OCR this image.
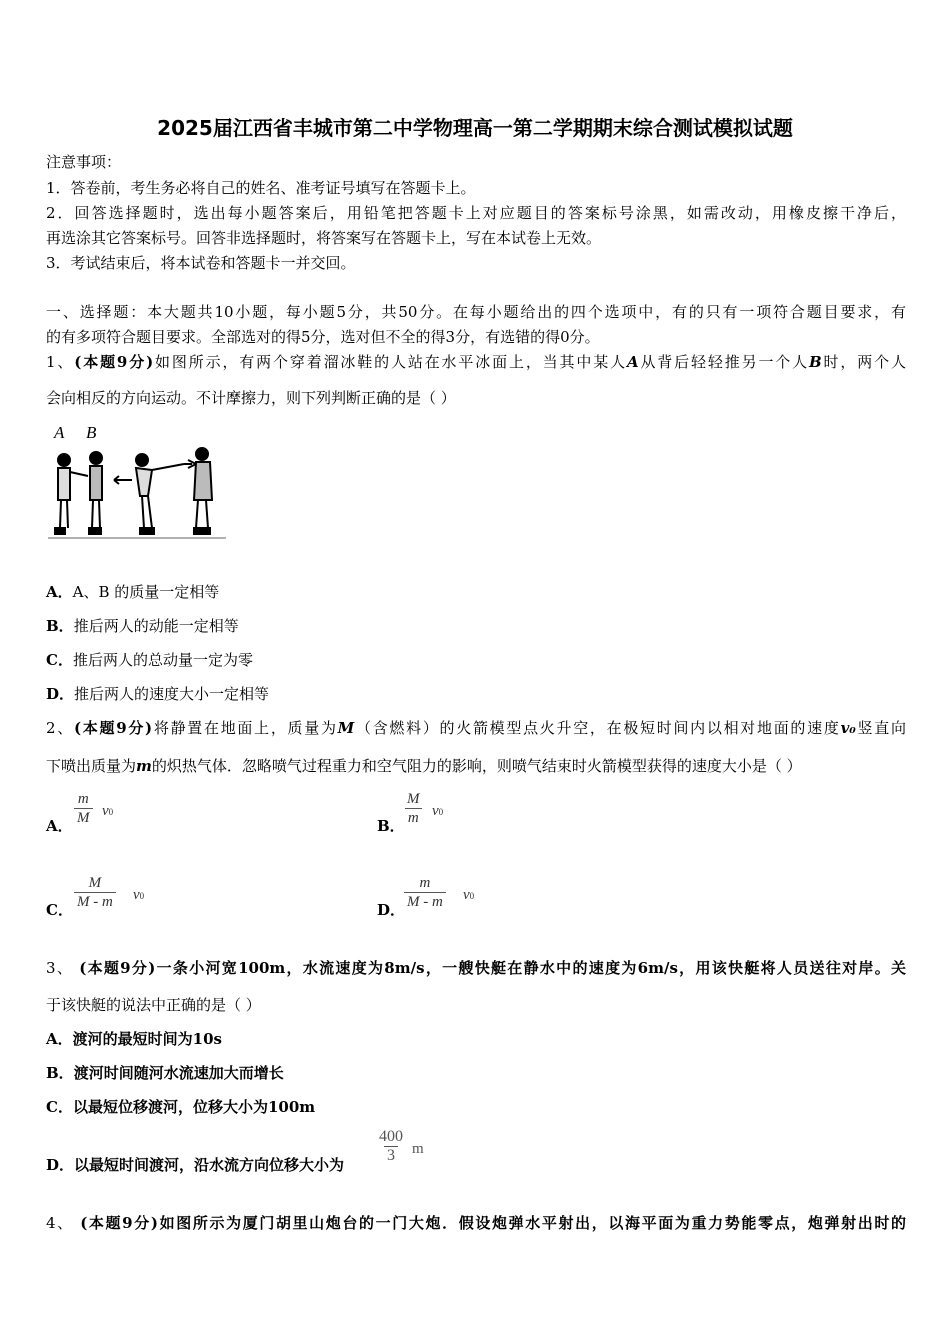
2025届江西省丰城市第二中学物理高一第二学期期末综合测试模拟试题
注意事项：
1．答卷前，考生务必将自己的姓名、准考证号填写在答题卡上。
2．回答选择题时，选出每小题答案后，用铅笔把答题卡上对应题目的答案标号涂黑，如需改动，用橡皮擦干净后，
再选涂其它答案标号。回答非选择题时，将答案写在答题卡上，写在本试卷上无效。
3．考试结束后，将本试卷和答题卡一并交回。
一、选择题：本大题共10小题，每小题5分，共50分。在每小题给出的四个选项中，有的只有一项符合题目要求，有
的有多项符合题目要求。全部选对的得5分，选对但不全的得3分，有选错的得0分。
1、(本题9分)如图所示，有两个穿着溜冰鞋的人站在水平冰面上，当其中某人A从背后轻轻推另一个人B时，两个人
会向相反的方向运动。不计摩擦力，则下列判断正确的是（ ）
A B
A．A、B 的质量一定相等
B．推后两人的动能一定相等
C．推后两人的总动量一定为零
D．推后两人的速度大小一定相等
2、(本题9分)将静置在地面上，质量为M（含燃料）的火箭模型点火升空，在极短时间内以相对地面的速度v₀竖直向
下喷出质量为m的炽热气体．忽略喷气过程重力和空气阻力的影响，则喷气结束时火箭模型获得的速度大小是（ ）
A． $\frac{m}{M} v0$
B． $\frac{M}{m} v0$
C． $\frac{M}{M - m} v0$
D．
$\frac{m}{M - m} v0$
3、 (本题9分)一条小河宽100m，水流速度为8m/s，一艘快艇在静水中的速度为6m/s，用该快艇将人员送往对岸。关
于该快艇的说法中正确的是（ ）
A．渡河的最短时间为10s
B．渡河时间随河水流速加大而增长
C．以最短位移渡河，位移大小为100m
D．以最短时间渡河，沿水流方向位移大小为 $\frac{400}{3}$ m
4、 (本题9分)如图所示为厦门胡里山炮台的一门大炮．假设炮弹水平射出，以海平面为重力势能零点，炮弹射出时的
